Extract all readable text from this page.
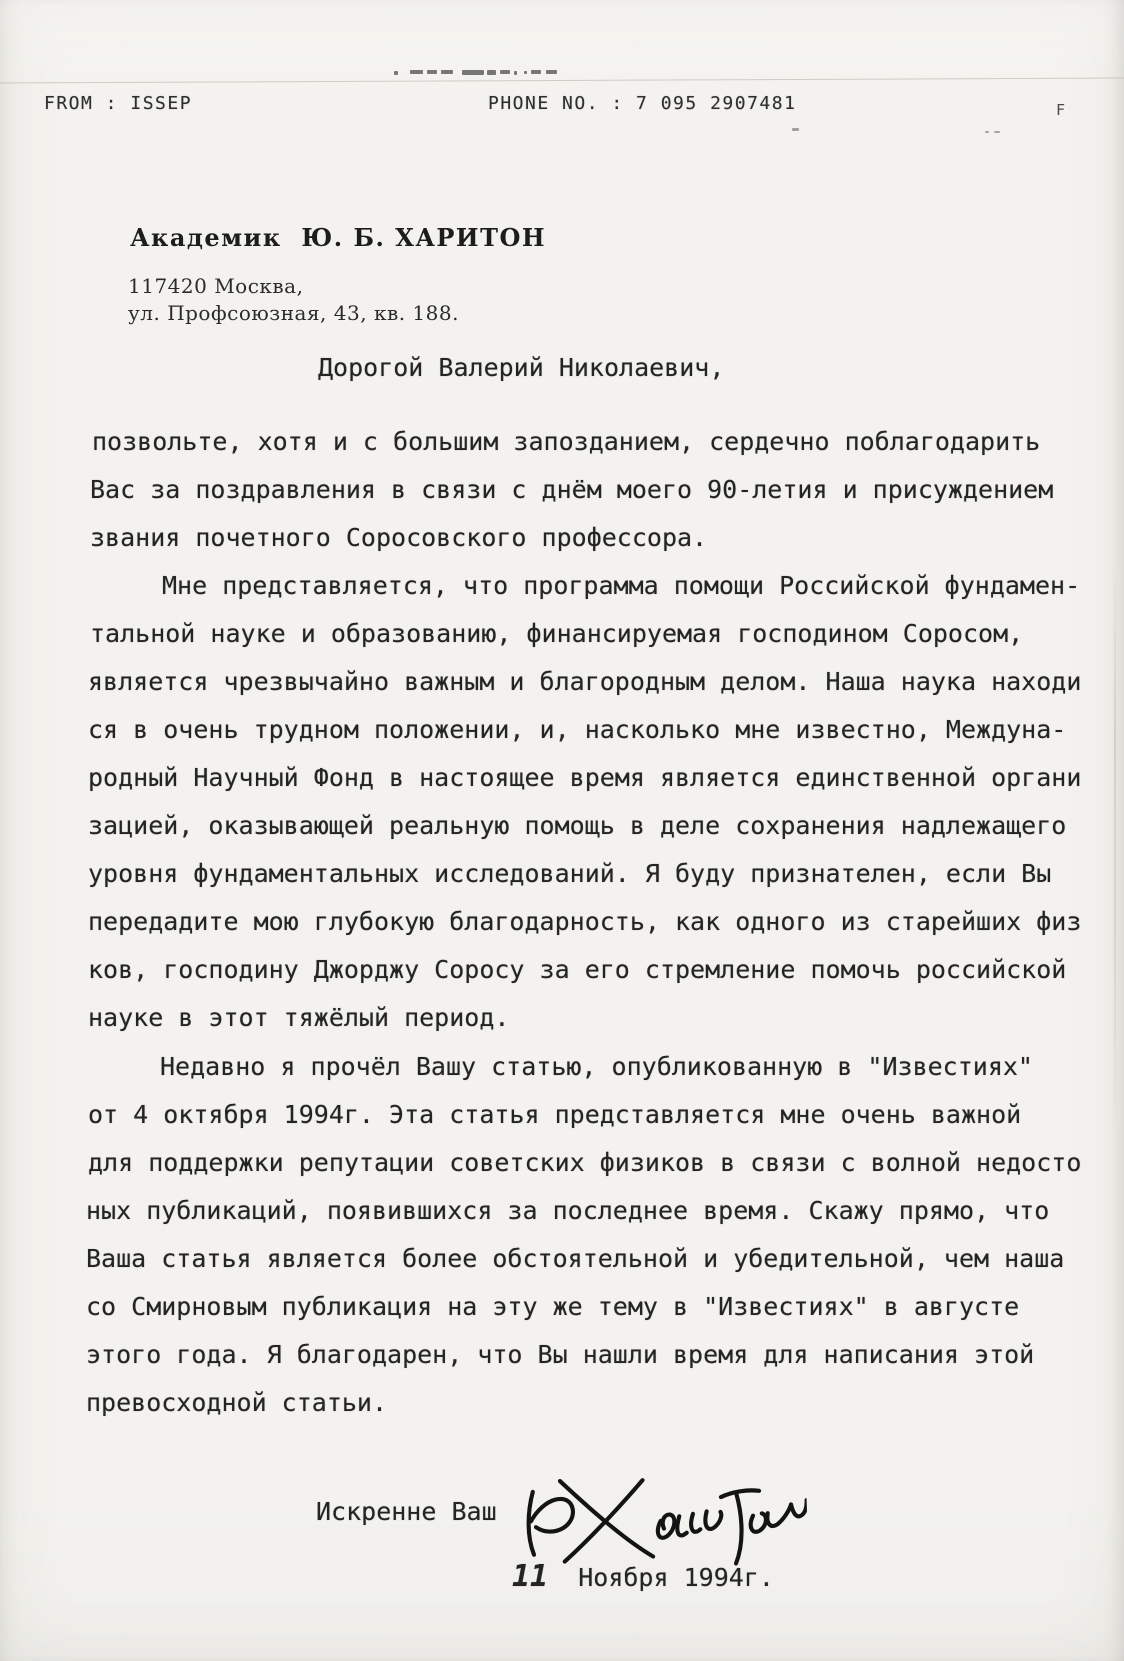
FROM : ISSEP	PHONE NO. : 7 095 2907481	F
Академик  Ю. Б. ХАРИТОН
117420 Москва,
ул. Профсоюзная, 43, кв. 188.
Дорогой Валерий Николаевич,
позвольте, хотя и с большим запозданием, сердечно поблагодарить
Вас за поздравления в связи с днём моего 90-летия и присуждением
звания почетного Соросовского профессора.
Мне представляется, что программа помощи Российской фундамен-
тальной науке и образованию, финансируемая господином Соросом,
является чрезвычайно важным и благородным делом. Наша наука находи
ся в очень трудном положении, и, насколько мне известно, Междуна-
родный Научный Фонд в настоящее время является единственной органи
зацией, оказывающей реальную помощь в деле сохранения надлежащего
уровня фундаментальных исследований. Я буду признателен, если Вы
передадите мою глубокую благодарность, как одного из старейших физ
ков, господину Джорджу Соросу за его стремление помочь российской
науке в этот тяжёлый период.
Недавно я прочёл Вашу статью, опубликованную в "Известиях"
от 4 октября 1994г. Эта статья представляется мне очень важной
для поддержки репутации советских физиков в связи с волной недосто
ных публикаций, появившихся за последнее время. Скажу прямо, что
Ваша статья является более обстоятельной и убедительной, чем наша
со Смирновым публикация на эту же тему в "Известиях" в августе
этого года. Я благодарен, что Вы нашли время для написания этой
превосходной статьи.
Искренне Ваш
11  Ноября 1994г.
